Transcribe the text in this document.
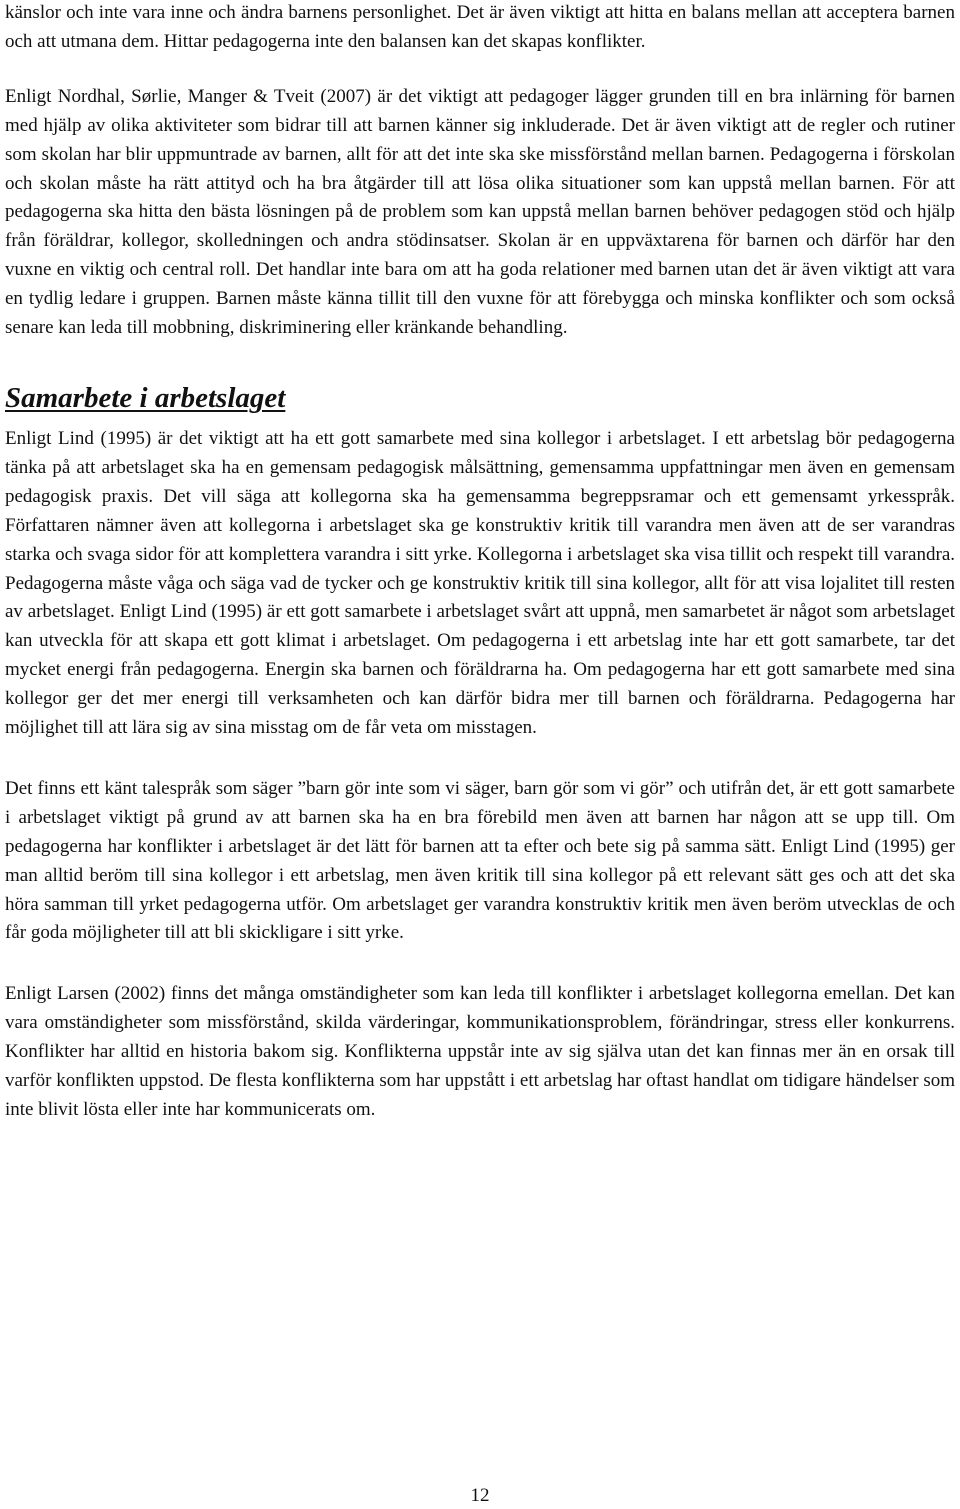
känslor och inte vara inne och ändra barnens personlighet. Det är även viktigt att hitta en balans mellan att acceptera barnen och att utmana dem. Hittar pedagogerna inte den balansen kan det skapas konflikter.

Enligt Nordhal, Sørlie, Manger & Tveit (2007) är det viktigt att pedagoger lägger grunden till en bra inlärning för barnen med hjälp av olika aktiviteter som bidrar till att barnen känner sig inkluderade. Det är även viktigt att de regler och rutiner som skolan har blir uppmuntrade av barnen, allt för att det inte ska ske missförstånd mellan barnen. Pedagogerna i förskolan och skolan måste ha rätt attityd och ha bra åtgärder till att lösa olika situationer som kan uppstå mellan barnen. För att pedagogerna ska hitta den bästa lösningen på de problem som kan uppstå mellan barnen behöver pedagogen stöd och hjälp från föräldrar, kollegor, skolledningen och andra stödinsatser. Skolan är en uppväxtarena för barnen och därför har den vuxne en viktig och central roll. Det handlar inte bara om att ha goda relationer med barnen utan det är även viktigt att vara en tydlig ledare i gruppen. Barnen måste känna tillit till den vuxne för att förebygga och minska konflikter och som också senare kan leda till mobbning, diskriminering eller kränkande behandling.

Samarbete i arbetslaget

Enligt Lind (1995) är det viktigt att ha ett gott samarbete med sina kollegor i arbetslaget. I ett arbetslag bör pedagogerna tänka på att arbetslaget ska ha en gemensam pedagogisk målsättning, gemensamma uppfattningar men även en gemensam pedagogisk praxis. Det vill säga att kollegorna ska ha gemensamma begreppsramar och ett gemensamt yrkesspråk. Författaren nämner även att kollegorna i arbetslaget ska ge konstruktiv kritik till varandra men även att de ser varandras starka och svaga sidor för att komplettera varandra i sitt yrke. Kollegorna i arbetslaget ska visa tillit och respekt till varandra. Pedagogerna måste våga och säga vad de tycker och ge konstruktiv kritik till sina kollegor, allt för att visa lojalitet till resten av arbetslaget. Enligt Lind (1995) är ett gott samarbete i arbetslaget svårt att uppnå, men samarbetet är något som arbetslaget kan utveckla för att skapa ett gott klimat i arbetslaget. Om pedagogerna i ett arbetslag inte har ett gott samarbete, tar det mycket energi från pedagogerna. Energin ska barnen och föräldrarna ha. Om pedagogerna har ett gott samarbete med sina kollegor ger det mer energi till verksamheten och kan därför bidra mer till barnen och föräldrarna. Pedagogerna har möjlighet till att lära sig av sina misstag om de får veta om misstagen.

Det finns ett känt talespråk som säger ”barn gör inte som vi säger, barn gör som vi gör” och utifrån det, är ett gott samarbete i arbetslaget viktigt på grund av att barnen ska ha en bra förebild men även att barnen har någon att se upp till. Om pedagogerna har konflikter i arbetslaget är det lätt för barnen att ta efter och bete sig på samma sätt. Enligt Lind (1995) ger man alltid beröm till sina kollegor i ett arbetslag, men även kritik till sina kollegor på ett relevant sätt ges och att det ska höra samman till yrket pedagogerna utför. Om arbetslaget ger varandra konstruktiv kritik men även beröm utvecklas de och får goda möjligheter till att bli skickligare i sitt yrke.

Enligt Larsen (2002) finns det många omständigheter som kan leda till konflikter i arbetslaget kollegorna emellan. Det kan vara omständigheter som missförstånd, skilda värderingar, kommunikationsproblem, förändringar, stress eller konkurrens. Konflikter har alltid en historia bakom sig. Konflikterna uppstår inte av sig själva utan det kan finnas mer än en orsak till varför konflikten uppstod. De flesta konflikterna som har uppstått i ett arbetslag har oftast handlat om tidigare händelser som inte blivit lösta eller inte har kommunicerats om.

12
